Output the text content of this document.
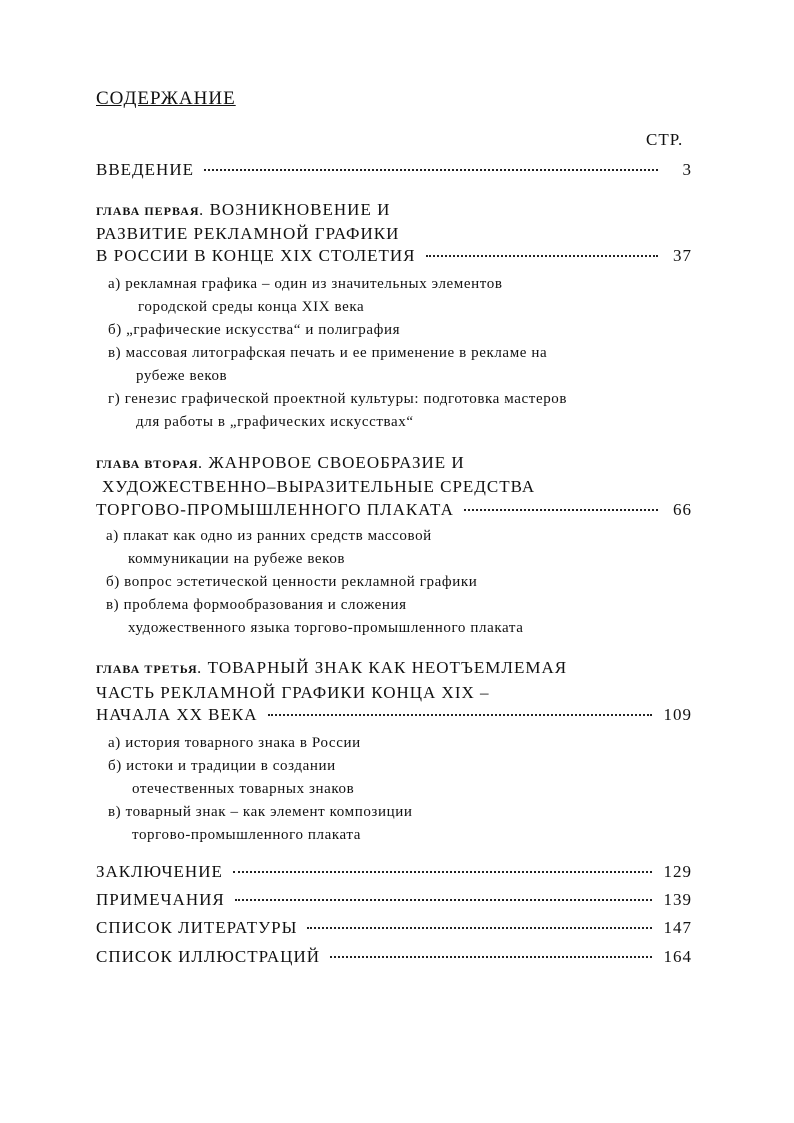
СОДЕРЖАНИЕ
СТР.
ВВЕДЕНИЕ	3
ГЛАВА ПЕРВАЯ. ВОЗНИКНОВЕНИЕ И
РАЗВИТИЕ РЕКЛАМНОЙ ГРАФИКИ
В РОССИИ В КОНЦЕ XIX СТОЛЕТИЯ	37
а) рекламная графика – один из значительных элементов
городской среды конца XIX века
б) „графические искусства“ и полиграфия
в) массовая литографская печать и ее применение в рекламе на
рубеже веков
г) генезис графической проектной культуры: подготовка мастеров
для работы в „графических искусствах“
ГЛАВА ВТОРАЯ. ЖАНРОВОЕ СВОЕОБРАЗИЕ И
ХУДОЖЕСТВЕННО–ВЫРАЗИТЕЛЬНЫЕ СРЕДСТВА
ТОРГОВО-ПРОМЫШЛЕННОГО ПЛАКАТА	66
а) плакат как одно из ранних средств массовой
коммуникации на рубеже веков
б) вопрос эстетической ценности рекламной графики
в) проблема формообразования и сложения
художественного языка торгово-промышленного плаката
ГЛАВА ТРЕТЬЯ. ТОВАРНЫЙ ЗНАК КАК НЕОТЪЕМЛЕМАЯ
ЧАСТЬ РЕКЛАМНОЙ ГРАФИКИ КОНЦА XIX –
НАЧАЛА XX ВЕКА	109
а) история товарного знака в России
б) истоки и традиции в создании
отечественных товарных знаков
в) товарный знак – как элемент композиции
торгово-промышленного плаката
ЗАКЛЮЧЕНИЕ	129
ПРИМЕЧАНИЯ	139
СПИСОК ЛИТЕРАТУРЫ	147
СПИСОК ИЛЛЮСТРАЦИЙ	164
